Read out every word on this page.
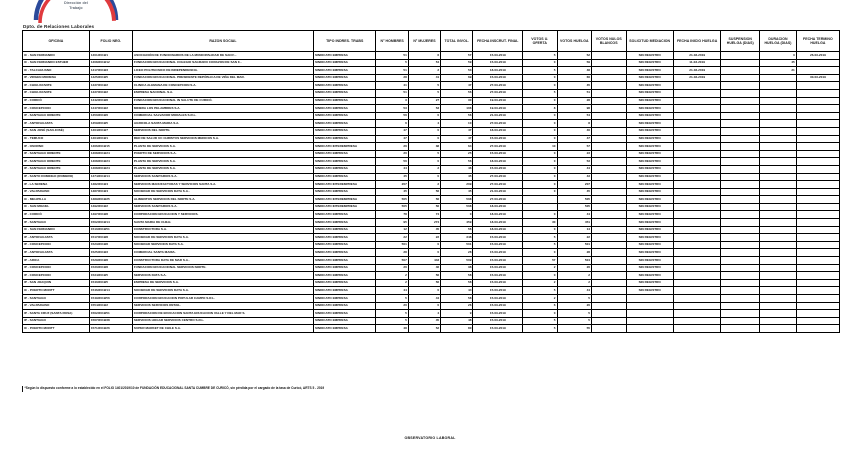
Dirección del
Trabajo
Dpto. de Relaciones Laborales
OFICINA	FOLIO NEG.	RAZON SOCIAL	TIPO INDRES. TRABS	N° HOMBRES	N° MUJERES	TOTAL INVOL.	FECHA INSCRUT. FINAL	VOTOS U. OFERTA	VOTOS HUELGA	VOTOS NULOS BLANCOS	SOLICITUD MEDIACION	FECHA INICIO HUELGA	SUSPENSION HUELGA (DIAS)	DURACION HUELGA (DIAS)	FECHA TERMINO HUELGA
IC - SAN FERNANDO	1401/2019/1	ASOCIACIÓN DE FUNCIONARIOS DE LA MUNICIPALIDAD DE SAN F...	SINDICATO EMPRESA	51	6	57	15-03-2019	5	52		SIN REGISTRO	21-03-2019		3	26-03-2019
IC - SAN FERNANDO ESTHER	1408/2019/12	FUNDACION EDUCACIONAL COLEGIO SAGRADO CORAZON DE SAN F...	SINDICATO EMPRESA	5	54	59	15-03-2019	0	59		SIN REGISTRO	11-03-2019		45	
IC - TALCAHUANO	1417/2019/3	LICEO POLITECNICO DE INDEPENDENCIA.	SINDICATO EMPRESA	51	2	53	18-03-2019	5	48		SIN REGISTRO	21-03-2019		21	
IP - VIRGEN MORENA	1425/2019/5	FUNDACION EDUCACIONAL PRESIDENTE REPÚBLICA DE VIÑA DEL MAR.	SINDICATO EMPRESA	28	41	69	15-03-2019	0	66		SIN REGISTRO	21-03-2019			30-03-2019
IP - CHIGUAYANTE	1437/2019/2	CLINICA ALEMANA DE CONCEPCION S.A.	SINDICATO EMPRESA	41	5	47	27-03-2019	0	45		SIN REGISTRO				
IP - CHIGUAYANTE	1437/2019/2	EMPRESA NACIONAL S.A.	SINDICATO EMPRESA	51	5	56	27-03-2019	5	51		SIN REGISTRO				
IP - CURICÓ	1442/2019/8	FUNDACION EDUCACIONAL IN SALUTE DE CURICÓ.	SINDICATO EMPRESA	3	27	30	19-03-2019	0	28		SIN REGISTRO				
IP - CONCEPCION	1447/2019/2	MINERA LOS PELAMBRES S.A.	SINDICATO EMPRESA	53	53	106	19-03-2019	8	98		SIN REGISTRO				
IP - SANTIAGO ORIENTE	1450/2019/6	COMERCIAL SALVADOR MORALES S.R.L.	SINDICATO EMPRESA	56	0	56	21-03-2019	0	54		SIN REGISTRO				
IP - ANTOFAGASTA	1459/2019/5	AGRICOLA SANTA MARIA S.A.	SINDICATO EMPRESA	6	4	10	27-03-2019	0	8		SIN REGISTRO				
IP - SAN JOSÉ (SAN JOSÉ)	1464/2019/7	SERVICIOS DEL NORTE.	SINDICATO EMPRESA	47	0	47	18-03-2019	0	46		SIN REGISTRO				
IC - TEMUCO	1464/2019/1	RED DE SALUD UC CHRISTUS SERVICIOS MEDICOS S.A.	SINDICATO EMPRESA	47	0	47	15-03-2019	0	47		SIN REGISTRO				
IP - OSORNO	1466/2019/15	PLANTA DE SERVICIOS S.A.	SINDICATO INTEREMPRESA	26	38	64	27-03-2019	10	57		SIN REGISTRO				
IP - SANTIAGO ORIENTE	1468/2019/24	PUERTO DE SERVICIOS S.A.	SINDICATO EMPRESA	20	5	25	15-03-2019	0	23		SIN REGISTRO				
IP - SANTIAGO ORIENTE	1468/2019/24	PLANTA DE SERVICIOS S.A.	SINDICATO EMPRESA	56	0	56	18-03-2019	0	53		SIN REGISTRO				
IP - SANTIAGO ORIENTE	1468/2019/24	PLANTA DE SERVICIOS S.A.	SINDICATO EMPRESA	44	2	46	15-03-2019	0	44		SIN REGISTRO				
IP - SANTO DOMINGO (ROMERO)	1474/2019/14	SERVICIOS SANITARIOS S.A.	SINDICATO EMPRESA	45	0	45	27-03-2019	0	43		SIN REGISTRO				
IP - LA SERENA	1482/2019/4	SERVICIOS MANUFACTURAS Y SERVICIOS SANTA S.A.	SINDICATO INTEREMPRESA	207	2	209	27-03-2019	0	207		SIN REGISTRO				
IP - VALPARAISO	1487/2019/4	SOCIEDAD DE SERVICIOS DATA S.A..	SINDICATO EMPRESA	45	56	45	21-03-2019	0	45		SIN REGISTRO				
IC - MELIPILLA	1489/2019/25	ALIMENTOS SERVICIOS DEL NORTE S.A.	SINDICATO INTEREMPRESA	505	56	508	27-03-2019		505		SIN REGISTRO				
IC - SAN MIGUEL	1492/2019/2	SERVICIOS SANITARIOS S.A.	SINDICATO INTEREMPRESA	505	56	508	18-03-2019		505		SIN REGISTRO				
IP - CURICÓ	1497/2019/8	CORPORACION EDUCACION Y SERVICIOS.	SINDICATO EMPRESA	78	74	0	18-03-2019	0	44		SIN REGISTRO				
IP - SANTIAGO	1502/2019/14	SANTA MARIA DE CHILE.	SINDICATO EMPRESA	95	274	459	18-03-2019	30	451		SIN REGISTRO				
IC - SAN FERNANDO	1510/2019/51	CONSTRUCTORA S.A.	SINDICATO EMPRESA	12	45	56	18-03-2019	0	14		SIN REGISTRO				
IP - ANTOFAGASTA	1517/2019/8	SOCIEDAD DE SERVICIOS DATA S.A.	SINDICATO EMPRESA	22	22	348	15-03-2019	5	22		SIN REGISTRO				
IP - CONCEPCION	1523/2019/8	SOCIEDAD SERVICIOS DATA S.A.	SINDICATO EMPRESA	501	0	501	15-03-2019	5	501		SIN REGISTRO				
IP - ANTOFAGASTA	1525/2019/3	COMERCIAL SANTA MARIA.	SINDICATO EMPRESA	28	0	28	15-03-2019	0	28		SIN REGISTRO				
IP - ARICA	1529/2019/8	CONSTRUCTORA DATA DE MAR S.A..	SINDICATO EMPRESA	507	443	509	15-03-2019	57	504		SIN REGISTRO				
IP - CONCEPCION	1530/2019/8	FUNDACION EDUCACIONAL SERVICIOS NORTE.	SINDICATO EMPRESA	26	46	38	15-03-2019	2	26		SIN REGISTRO				
IP - CONCEPCION	1534/2019/5	SERVICIOS DATA S.A.	SINDICATO EMPRESA	2	56	58	15-03-2019	0	2		SIN REGISTRO				
IP - SAN JOAQUIN	1540/2019/5	EMPRESA DE SERVICIOS S.A.	SINDICATO EMPRESA	2	56	58	15-03-2019	2	2		SIN REGISTRO				
IC - PUERTO MONTT	1546/2019/14	SOCIEDAD DE SERVICIOS DATA S.A.	SINDICATO EMPRESA	44	0	44	15-03-2019	5	44		SIN REGISTRO				
IP - SANTIAGO	1549/2019/56	CORPORACION EDUCACION POPULAR CAMPO S.R.L.	SINDICATO EMPRESA	5	44	58	15-03-2019	2	5						
IP - VALPARAISO	1554/2019/2	SERVICIOS SERVICIOS RETAIL.	SINDICATO EMPRESA	20	0	26	15-03-2019	6	20						
IP - SANTA CRUZ (SANTA ROSA)	1562/2019/51	CORPORACION DE EDUCACION SANTA EDUCACION VALLE Y DEL MAR S.	SINDICATO EMPRESA	5	4	9	15-03-2019	0	5						
IP - SANTIAGO	1567/2019/38	SERVICIOS HOGAR SERVICIOS CENTRO S.R.L.	SINDICATO EMPRESA	5	45	48	15-03-2019	5	5						
IC - PUERTO MONTT	1571/2019/26	SUPER MARKET DE CHILE S.A.	SINDICATO EMPRESA	48	52	80	15-03-2019	5	55						
*Según lo dispuesto conforme a lo establecido en el FOLIO 1401/2019/10 de FUNDACIÓN EDUCACIONAL SANTA CUMBRE DE CURICÓ, sin pérdida por el cargado de la tasa de Curicó, ARTS 5 - 2019
OBSERVATORIO LABORAL
